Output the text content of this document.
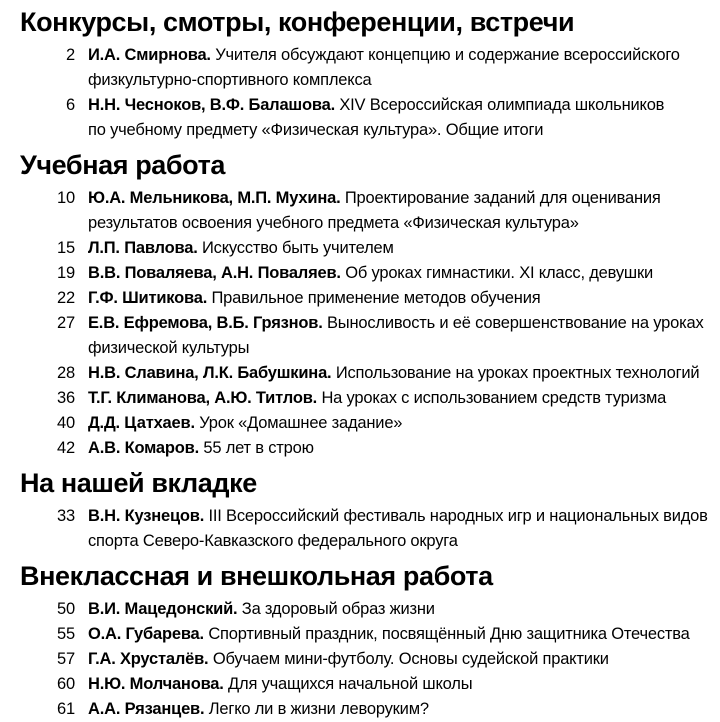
Конкурсы, смотры, конференции, встречи
2 И.А. Смирнова. Учителя обсуждают концепцию и содержание всероссийского
физкультурно-спортивного комплекса
6 Н.Н. Чесноков, В.Ф. Балашова. XIV Всероссийская олимпиада школьников
по учебному предмету «Физическая культура». Общие итоги
Учебная работа
10 Ю.А. Мельникова, М.П. Мухина. Проектирование заданий для оценивания
результатов освоения учебного предмета «Физическая культура»
15 Л.П. Павлова. Искусство быть учителем
19 В.В. Поваляева, А.Н. Поваляев. Об уроках гимнастики. XI класс, девушки
22 Г.Ф. Шитикова. Правильное применение методов обучения
27 Е.В. Ефремова, В.Б. Грязнов. Выносливость и её совершенствование на уроках
физической культуры
28 Н.В. Славина, Л.К. Бабушкина. Использование на уроках проектных технологий
36 Т.Г. Климанова, А.Ю. Титлов. На уроках с использованием средств туризма
40 Д.Д. Цатхаев. Урок «Домашнее задание»
42 А.В. Комаров. 55 лет в строю
На нашей вкладке
33 В.Н. Кузнецов. III Всероссийский фестиваль народных игр и национальных видов
спорта Северо-Кавказского федерального округа
Внеклассная и внешкольная работа
50 В.И. Мацедонский. За здоровый образ жизни
55 О.А. Губарева. Спортивный праздник, посвящённый Дню защитника Отечества
57 Г.А. Хрусталёв. Обучаем мини-футболу. Основы судейской практики
60 Н.Ю. Молчанова. Для учащихся начальной школы
61 А.А. Рязанцев. Легко ли в жизни леворуким?
